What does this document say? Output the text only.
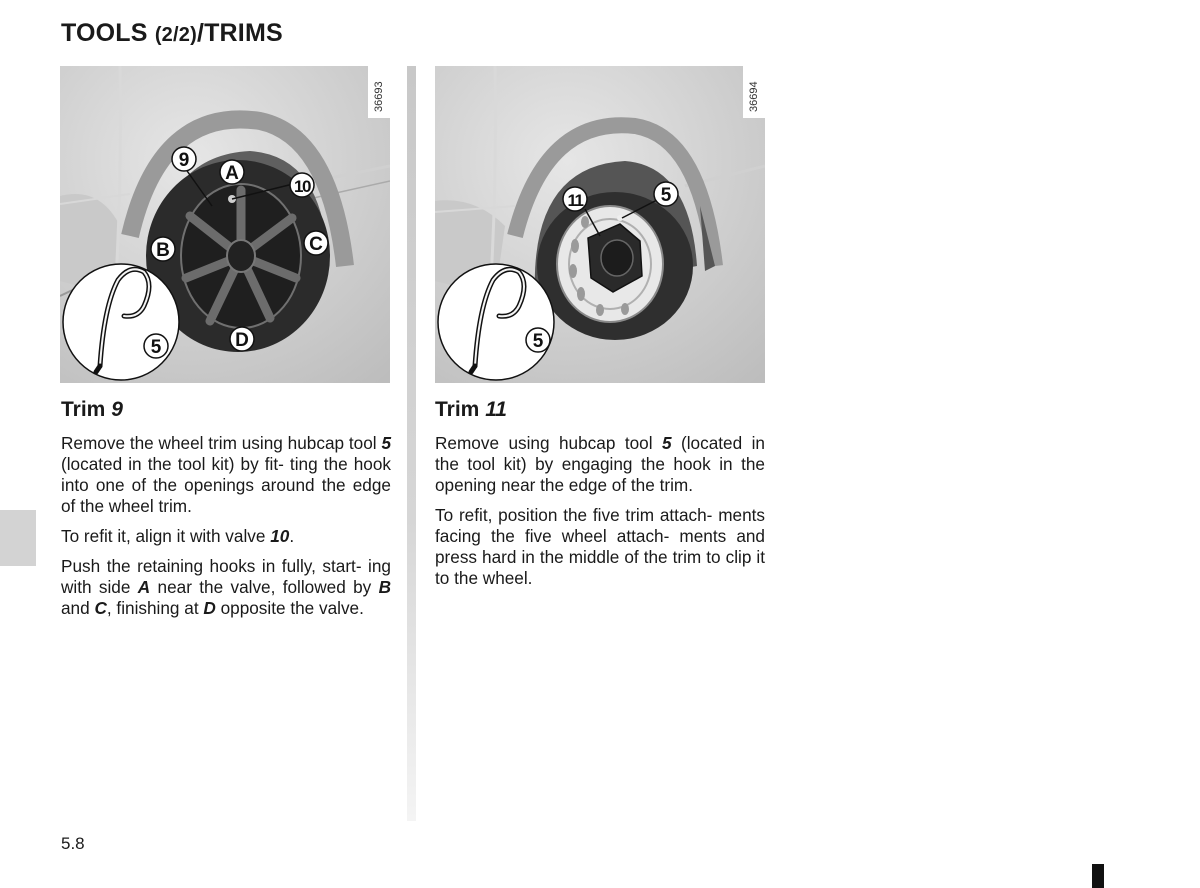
TOOLS (2/2)/TRIMS
36693
9
A
10
B	C
D
5
36694
11	5
5
Trim 9

Remove the wheel trim using hubcap tool 5 (located in the tool kit) by fit- ting the hook into one of the openings around the edge of the wheel trim.

To refit it, align it with valve 10.

Push the retaining hooks in fully, start- ing with side A near the valve, followed by B and C, finishing at D opposite the valve.

Trim 11

Remove using hubcap tool 5 (located in the tool kit) by engaging the hook in the opening near the edge of the trim.

To refit, position the five trim attach- ments facing the five wheel attach- ments and press hard in the middle of the trim to clip it to the wheel.

5.8
